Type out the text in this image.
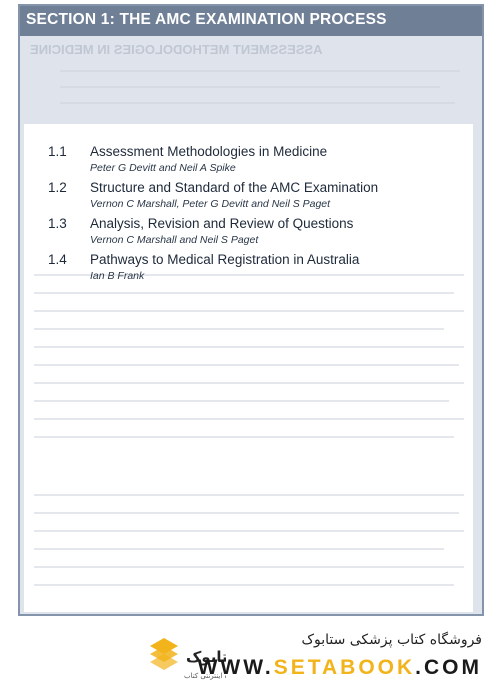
SECTION 1: THE AMC EXAMINATION PROCESS
ASSESSMENT METHODOLOGIES IN MEDICINE
1.1	Assessment Methodologies in Medicine
Peter G Devitt and Neil A Spike
1.2	Structure and Standard of the AMC Examination
Vernon C Marshall, Peter G Devitt and Neil S Paget
1.3	Analysis, Revision and Review of Questions
Vernon C Marshall and Neil S Paget
1.4	Pathways to Medical Registration in Australia
Ian B Frank
ابوک
اینترنتی کتاب
فروشگاه کتاب پزشکی ستابوک
WWW.SETABOOK.COM
